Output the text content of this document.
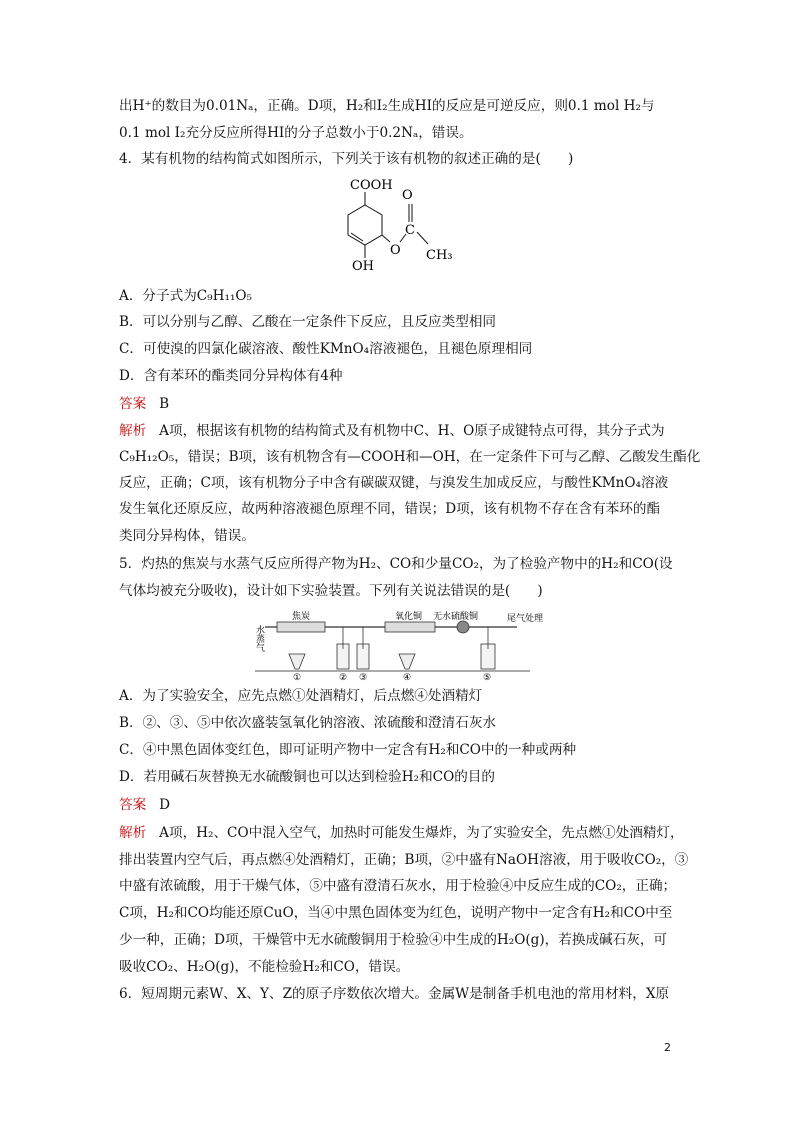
出H⁺的数目为0.01Nₐ，正确。D项，H₂和I₂生成HI的反应是可逆反应，则0.1 mol H₂与
0.1 mol I₂充分反应所得HI的分子总数小于0.2Nₐ，错误。
4．某有机物的结构简式如图所示，下列关于该有机物的叙述正确的是(　　)
COOH
O
OH
O
C
CH₃
A．分子式为C₉H₁₁O₅
B．可以分别与乙醇、乙酸在一定条件下反应，且反应类型相同
C．可使溴的四氯化碳溶液、酸性KMnO₄溶液褪色，且褪色原理相同
D．含有苯环的酯类同分异构体有4种
答案 B
解析 A项，根据该有机物的结构简式及有机物中C、H、O原子成键特点可得，其分子式为
C₉H₁₂O₅，错误；B项，该有机物含有—COOH和—OH，在一定条件下可与乙醇、乙酸发生酯化
反应，正确；C项，该有机物分子中含有碳碳双键，与溴发生加成反应，与酸性KMnO₄溶液
发生氧化还原反应，故两种溶液褪色原理不同，错误；D项，该有机物不存在含有苯环的酯
类同分异构体，错误。
5．灼热的焦炭与水蒸气反应所得产物为H₂、CO和少量CO₂，为了检验产物中的H₂和CO(设
气体均被充分吸收)，设计如下实验装置。下列有关说法错误的是(　　)
水蒸气
焦炭
①	② ③
氧化铜
④
无水硫酸铜
⑤
尾气处理
A．为了实验安全，应先点燃①处酒精灯，后点燃④处酒精灯
B．②、③、⑤中依次盛装氢氧化钠溶液、浓硫酸和澄清石灰水
C．④中黑色固体变红色，即可证明产物中一定含有H₂和CO中的一种或两种
D．若用碱石灰替换无水硫酸铜也可以达到检验H₂和CO的目的
答案 D
解析 A项，H₂、CO中混入空气，加热时可能发生爆炸，为了实验安全，先点燃①处酒精灯，
排出装置内空气后，再点燃④处酒精灯，正确；B项，②中盛有NaOH溶液，用于吸收CO₂，③
中盛有浓硫酸，用于干燥气体，⑤中盛有澄清石灰水，用于检验④中反应生成的CO₂，正确；
C项，H₂和CO均能还原CuO，当④中黑色固体变为红色，说明产物中一定含有H₂和CO中至
少一种，正确；D项，干燥管中无水硫酸铜用于检验④中生成的H₂O(g)，若换成碱石灰，可
吸收CO₂、H₂O(g)，不能检验H₂和CO，错误。
6．短周期元素W、X、Y、Z的原子序数依次增大。金属W是制备手机电池的常用材料，X原
2
